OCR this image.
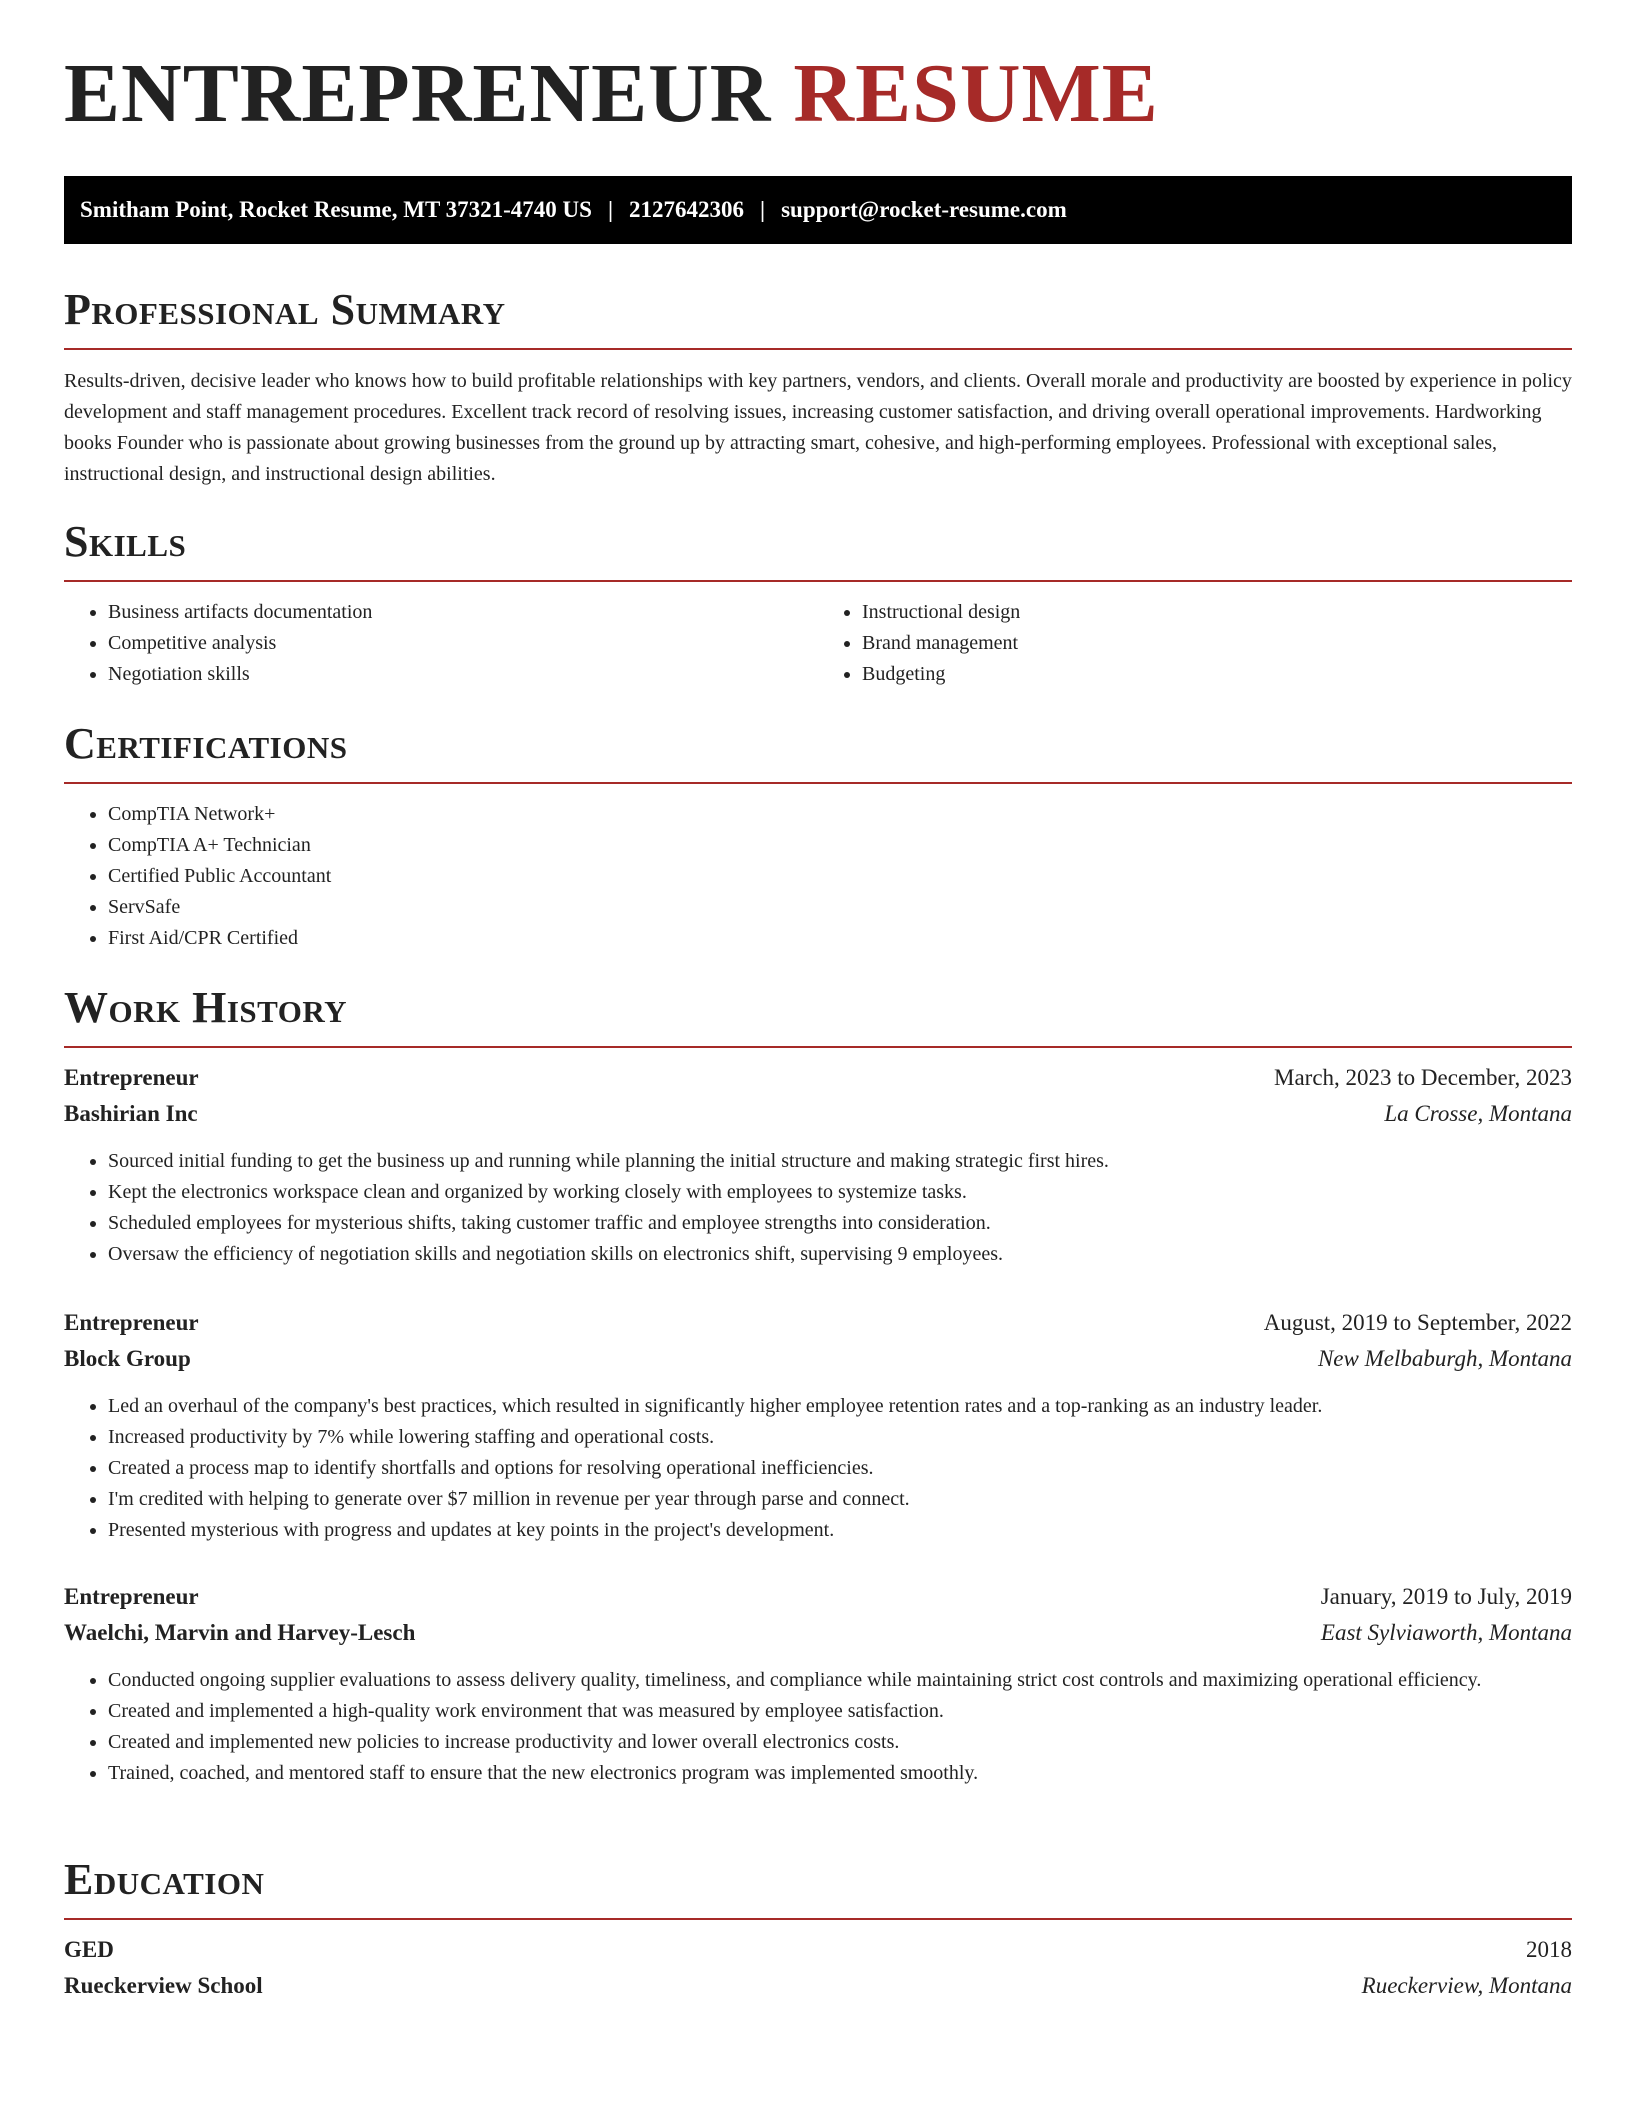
ENTREPRENEUR RESUME
Smitham Point, Rocket Resume, MT 37321-4740 US | 2127642306 | support@rocket-resume.com
Professional Summary

Results-driven, decisive leader who knows how to build profitable relationships with key partners, vendors, and clients. Overall morale and productivity are boosted by experience in policy development and staff management procedures. Excellent track record of resolving issues, increasing customer satisfaction, and driving overall operational improvements. Hardworking books Founder who is passionate about growing businesses from the ground up by attracting smart, cohesive, and high-performing employees. Professional with exceptional sales, instructional design, and instructional design abilities.

Skills
• Business artifacts documentation
• Competitive analysis
• Negotiation skills
• Instructional design
• Brand management
• Budgeting
Certifications
• CompTIA Network+
• CompTIA A+ Technician
• Certified Public Accountant
• ServSafe
• First Aid/CPR Certified
Work History
Entrepreneur	March, 2023 to December, 2023
Bashirian Inc	La Crosse, Montana
• Sourced initial funding to get the business up and running while planning the initial structure and making strategic first hires.
• Kept the electronics workspace clean and organized by working closely with employees to systemize tasks.
• Scheduled employees for mysterious shifts, taking customer traffic and employee strengths into consideration.
• Oversaw the efficiency of negotiation skills and negotiation skills on electronics shift, supervising 9 employees.
Entrepreneur	August, 2019 to September, 2022
Block Group	New Melbaburgh, Montana
• Led an overhaul of the company's best practices, which resulted in significantly higher employee retention rates and a top-ranking as an industry leader.
• Increased productivity by 7% while lowering staffing and operational costs.
• Created a process map to identify shortfalls and options for resolving operational inefficiencies.
• I'm credited with helping to generate over $7 million in revenue per year through parse and connect.
• Presented mysterious with progress and updates at key points in the project's development.
Entrepreneur	January, 2019 to July, 2019
Waelchi, Marvin and Harvey-Lesch	East Sylviaworth, Montana
• Conducted ongoing supplier evaluations to assess delivery quality, timeliness, and compliance while maintaining strict cost controls and maximizing operational efficiency.
• Created and implemented a high-quality work environment that was measured by employee satisfaction.
• Created and implemented new policies to increase productivity and lower overall electronics costs.
• Trained, coached, and mentored staff to ensure that the new electronics program was implemented smoothly.
Education
GED	2018
Rueckerview School	Rueckerview, Montana
